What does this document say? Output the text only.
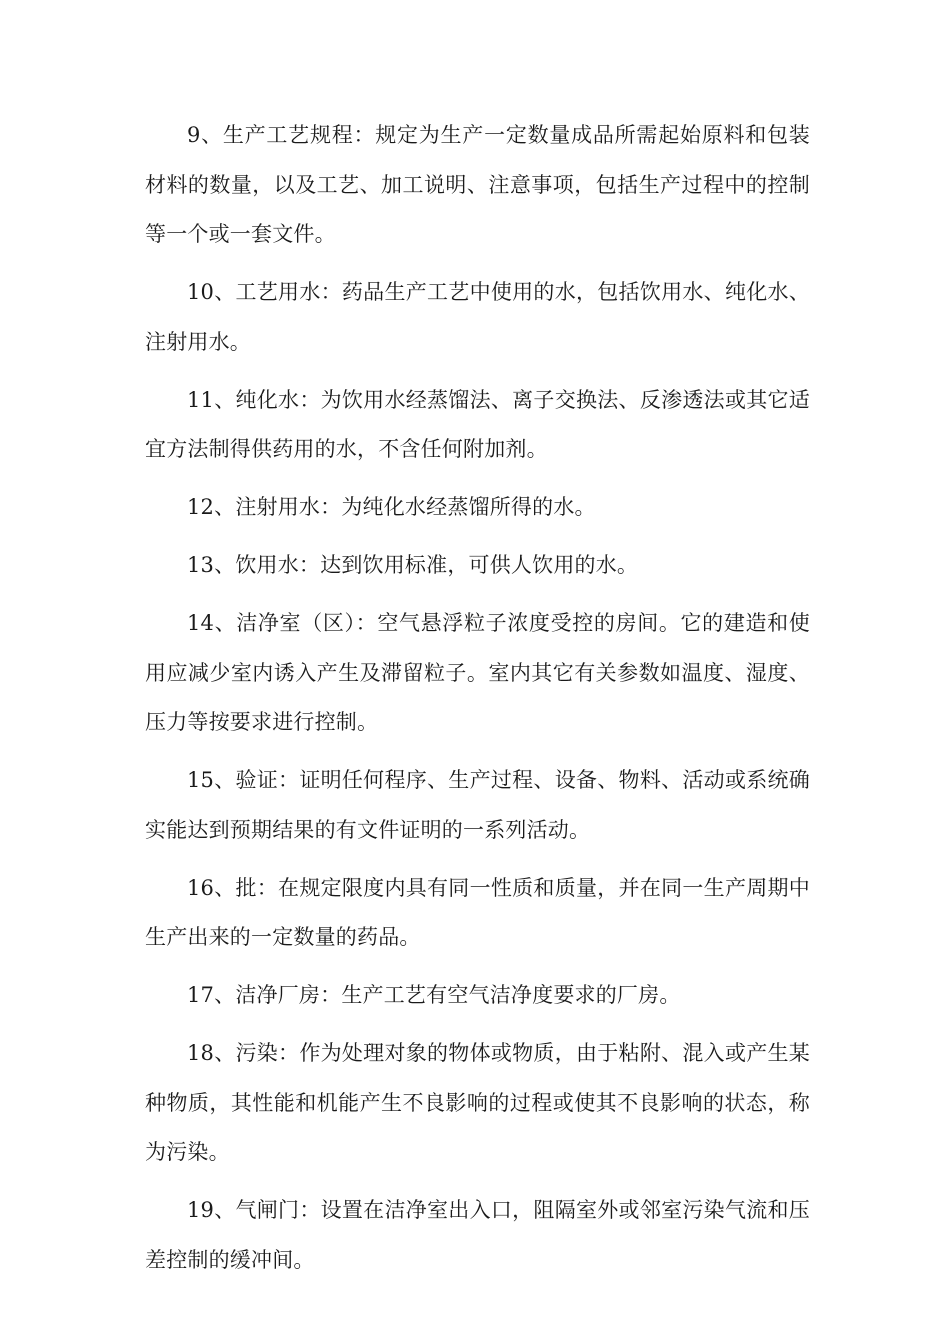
9、生产工艺规程：规定为生产一定数量成品所需起始原料和包装材料的数量，以及工艺、加工说明、注意事项，包括生产过程中的控制等一个或一套文件。

10、工艺用水：药品生产工艺中使用的水，包括饮用水、纯化水、注射用水。

11、纯化水：为饮用水经蒸馏法、离子交换法、反渗透法或其它适宜方法制得供药用的水，不含任何附加剂。

12、注射用水：为纯化水经蒸馏所得的水。

13、饮用水：达到饮用标准，可供人饮用的水。

14、洁净室（区）：空气悬浮粒子浓度受控的房间。它的建造和使用应减少室内诱入产生及滞留粒子。室内其它有关参数如温度、湿度、压力等按要求进行控制。

15、验证：证明任何程序、生产过程、设备、物料、活动或系统确实能达到预期结果的有文件证明的一系列活动。

16、批：在规定限度内具有同一性质和质量，并在同一生产周期中生产出来的一定数量的药品。

17、洁净厂房：生产工艺有空气洁净度要求的厂房。

18、污染：作为处理对象的物体或物质，由于粘附、混入或产生某种物质，其性能和机能产生不良影响的过程或使其不良影响的状态，称为污染。

19、气闸门：设置在洁净室出入口，阻隔室外或邻室污染气流和压差控制的缓冲间。
